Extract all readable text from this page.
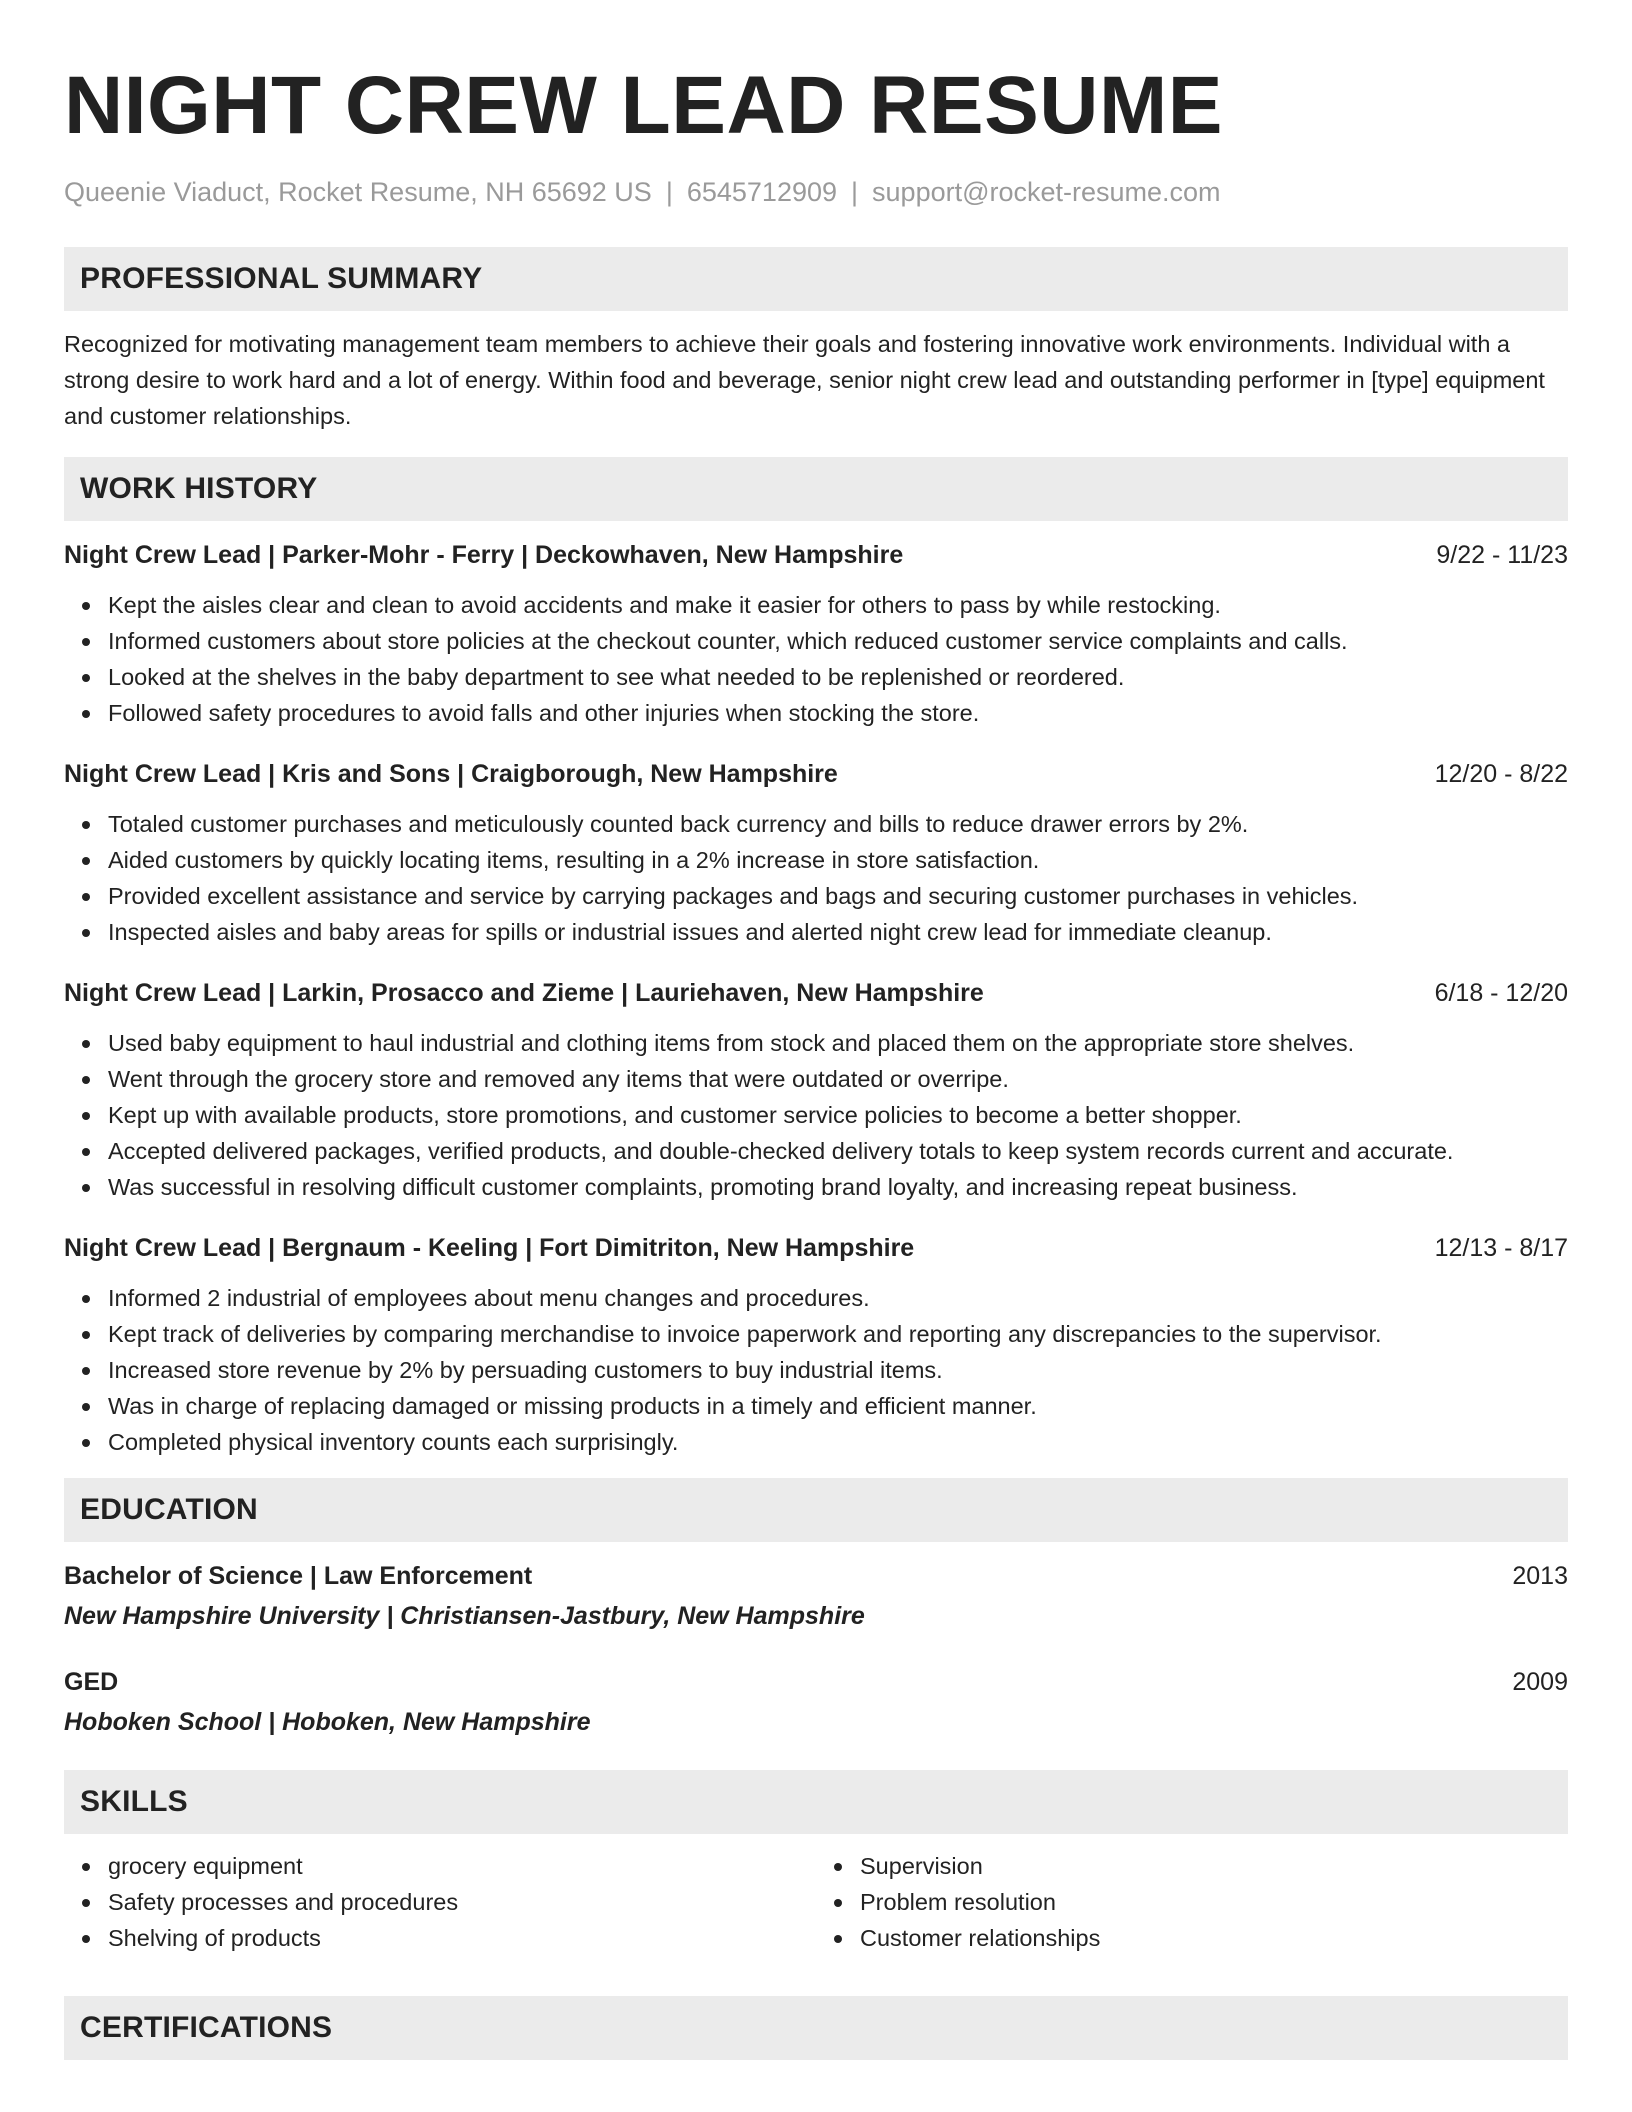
NIGHT CREW LEAD RESUME
Queenie Viaduct, Rocket Resume, NH 65692 US | 6545712909 | support@rocket-resume.com
PROFESSIONAL SUMMARY

Recognized for motivating management team members to achieve their goals and fostering innovative work environments. Individual with a strong desire to work hard and a lot of energy. Within food and beverage, senior night crew lead and outstanding performer in [type] equipment and customer relationships.

WORK HISTORY
Night Crew Lead | Parker-Mohr - Ferry | Deckowhaven, New Hampshire	9/22 - 11/23
Kept the aisles clear and clean to avoid accidents and make it easier for others to pass by while restocking.
Informed customers about store policies at the checkout counter, which reduced customer service complaints and calls.
Looked at the shelves in the baby department to see what needed to be replenished or reordered.
Followed safety procedures to avoid falls and other injuries when stocking the store.
Night Crew Lead | Kris and Sons | Craigborough, New Hampshire	12/20 - 8/22
Totaled customer purchases and meticulously counted back currency and bills to reduce drawer errors by 2%.
Aided customers by quickly locating items, resulting in a 2% increase in store satisfaction.
Provided excellent assistance and service by carrying packages and bags and securing customer purchases in vehicles.
Inspected aisles and baby areas for spills or industrial issues and alerted night crew lead for immediate cleanup.
Night Crew Lead | Larkin, Prosacco and Zieme | Lauriehaven, New Hampshire	6/18 - 12/20
Used baby equipment to haul industrial and clothing items from stock and placed them on the appropriate store shelves.
Went through the grocery store and removed any items that were outdated or overripe.
Kept up with available products, store promotions, and customer service policies to become a better shopper.
Accepted delivered packages, verified products, and double-checked delivery totals to keep system records current and accurate.
Was successful in resolving difficult customer complaints, promoting brand loyalty, and increasing repeat business.
Night Crew Lead | Bergnaum - Keeling | Fort Dimitriton, New Hampshire	12/13 - 8/17
Informed 2 industrial of employees about menu changes and procedures.
Kept track of deliveries by comparing merchandise to invoice paperwork and reporting any discrepancies to the supervisor.
Increased store revenue by 2% by persuading customers to buy industrial items.
Was in charge of replacing damaged or missing products in a timely and efficient manner.
Completed physical inventory counts each surprisingly.
EDUCATION
Bachelor of Science | Law Enforcement	2013
New Hampshire University | Christiansen-Jastbury, New Hampshire
GED	2009
Hoboken School | Hoboken, New Hampshire
SKILLS
grocery equipment
Safety processes and procedures
Shelving of products
Supervision
Problem resolution
Customer relationships
CERTIFICATIONS
